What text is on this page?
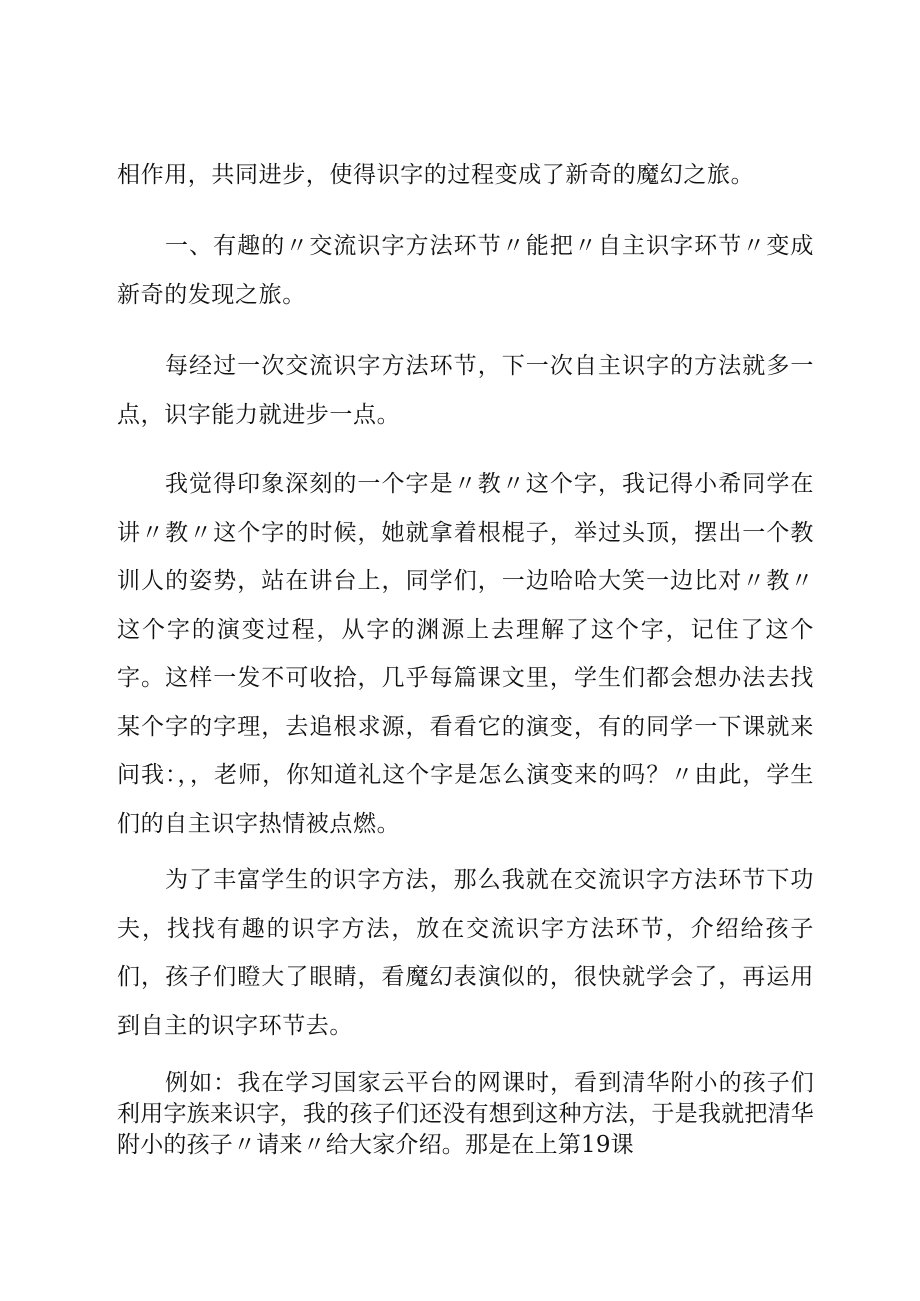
相作用，共同进步，使得识字的过程变成了新奇的魔幻之旅。

一、有趣的〃交流识字方法环节〃能把〃自主识字环节〃变成新奇的发现之旅。

每经过一次交流识字方法环节，下一次自主识字的方法就多一点，识字能力就进步一点。

我觉得印象深刻的一个字是〃教〃这个字，我记得小希同学在讲〃教〃这个字的时候，她就拿着根棍子，举过头顶，摆出一个教训人的姿势，站在讲台上，同学们，一边哈哈大笑一边比对〃教〃这个字的演变过程，从字的渊源上去理解了这个字，记住了这个字。这样一发不可收拾，几乎每篇课文里，学生们都会想办法去找某个字的字理，去追根求源，看看它的演变，有的同学一下课就来问我：，，老师，你知道礼这个字是怎么演变来的吗？〃由此，学生们的自主识字热情被点燃。

为了丰富学生的识字方法，那么我就在交流识字方法环节下功夫，找找有趣的识字方法，放在交流识字方法环节，介绍给孩子们，孩子们瞪大了眼睛，看魔幻表演似的，很快就学会了，再运用到自主的识字环节去。

例如：我在学习国家云平台的网课时，看到清华附小的孩子们利用字族来识字，我的孩子们还没有想到这种方法，于是我就把清华附小的孩子〃请来〃给大家介绍。那是在上第19课
